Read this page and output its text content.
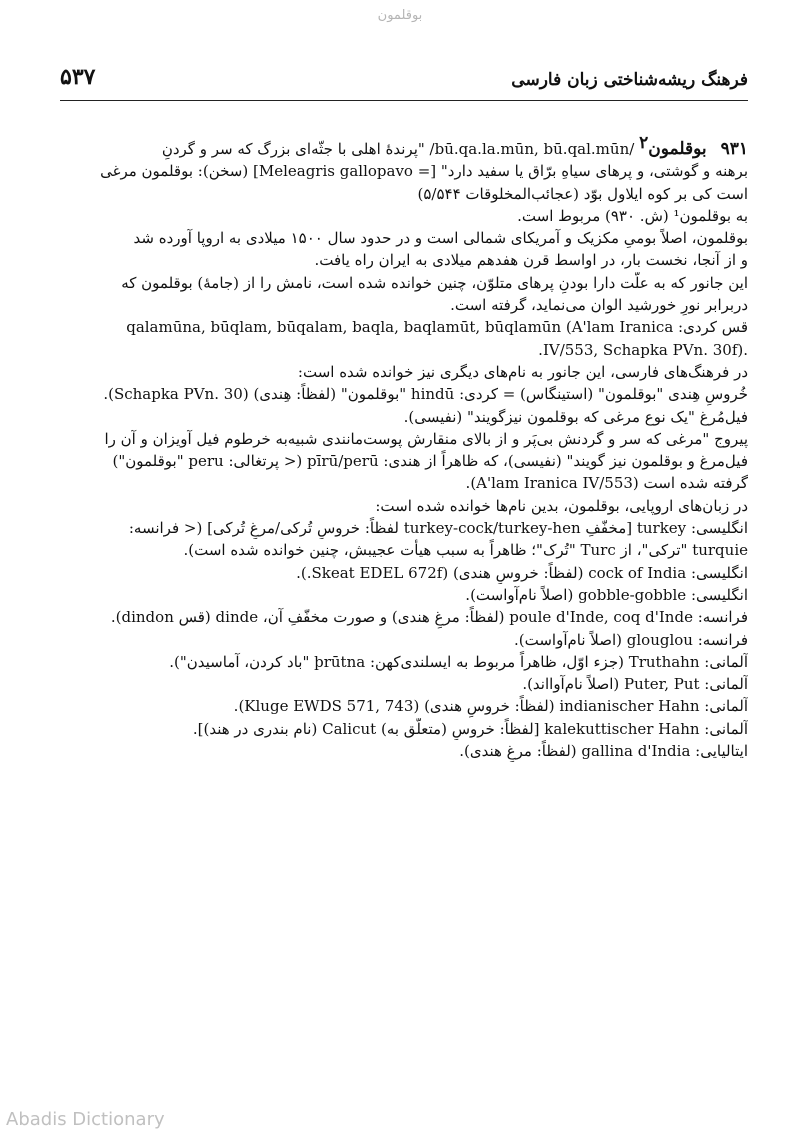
بوقلمون
فرهنگ ریشه‌شناختی زبان فارسی
۵۳۷
۹۳۱بوقلمون$^۲$ /bū.qa.la.mūn, bū.qal.mūn/ "پرندهٔ اهلی با جثّه‌ای بزرگ که سر و گردنِ
برهنه و گوشتی، و پرهای سیاهِ برّاق یا سفید دارد" [= Meleagris gallopavo] (سخن): بوقلمون مرغی
است کی بر کوه ایلاول بوّد (عجائب‌المخلوقات ۵/۵۴۴)
به بوقلمون¹ (ش. ۹۳۰) مربوط است.
بوقلمون، اصلاً بومیِ مکزیک و آمریکای شمالی است و در حدود سال ۱۵۰۰ میلادی به اروپا آورده شد
و از آنجا، نخست بار، در اواسط قرن هفدهم میلادی به ایران راه یافت.
این جانور که به علّت دارا بودنِ پرهای متلوّن، چنین خوانده شده است، نامش را از (جامهٔ) بوقلمون که
دربرابر نورِ خورشید الوان می‌نماید، گرفته است.
قس کردی: qalamūna, būqlam, būqalam, baqla, baqlamūt, būqlamūn (A'lam Iranica
.(IV/553, Schapka PVn. 30f.
در فرهنگ‌های فارسی، این جانور به نام‌های دیگری نیز خوانده شده است:
خُروسِ هِندی "بوقلمون" (استینگاس) = کردی: hindū "بوقلمون" (لفظاً: هِندی) (Schapka PVn. 30).
فیل‌مُرغ "یک نوع مرغی که بوقلمون نیزگویند" (نفیسی).
پیروج "مرغی که سر و گردنش بی‌پَر و از بالای منقارش پوست‌مانندی شبیه‌به خرطوم فیل آویزان و آن را
فیل‌مرغ و بوقلمون نیز گویند" (نفیسی)، که ظاهراً از هندی: pīrū/perū (< پرتغالی: peru "بوقلمون")
گرفته شده است (A'lam Iranica IV/553).
در زبان‌های اروپایی، بوقلمون، بدین نام‌ها خوانده شده است:
انگلیسی: turkey [مخفّفِ turkey-cock/turkey-hen لفظاً: خروسِ تُرکی/مرغِ تُرکی] (< فرانسه:
turquie "ترکی"، از Turc "تُرک"؛ ظاهراً به سبب هیأت عجیبش، چنین خوانده شده است).
انگلیسی: cock of India (لفظاً: خروسِ هندی) (Skeat EDEL 672f.).
انگلیسی: gobble-gobble (اصلاً نام‌آواست).
فرانسه: poule d'Inde, coq d'Inde (لفظاً: مرغِ هندی) و صورت مخفّفِ آن، dinde (قس dindon).
فرانسه: glouglou (اصلاً نام‌آواست).
آلمانی: Truthahn (جزء اوّل، ظاهراً مربوط به ایسلندی‌کهن: þrūtna "باد کردن، آماسیدن").
آلمانی: Puter, Put (اصلاً نام‌آوااند).
آلمانی: indianischer Hahn (لفظاً: خروسِ هندی) (Kluge EWDS 571, 743).
آلمانی: kalekuttischer Hahn [لفظاً: خروسِ (متعلّق به) Calicut (نام بندری در هند)].
ایتالیایی: gallina d'India (لفظاً: مرغِ هندی).
Abadis Dictionary
